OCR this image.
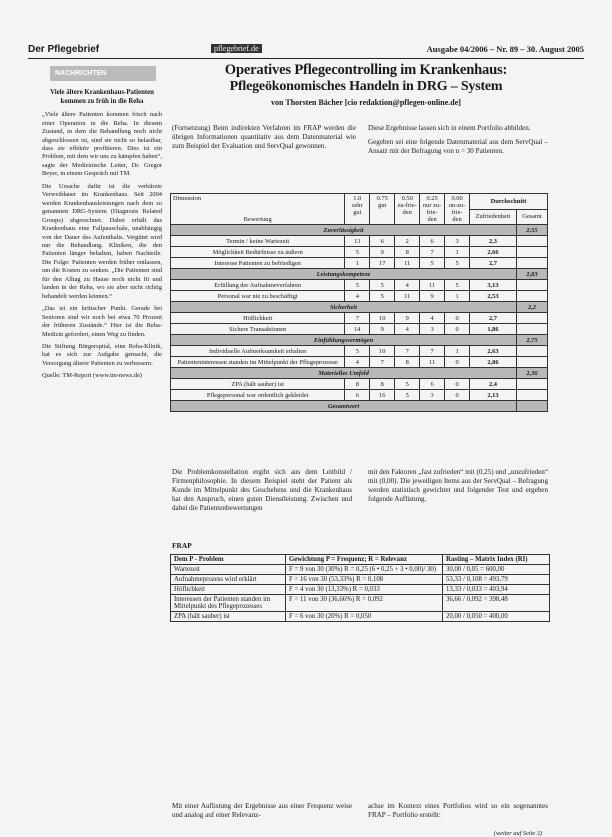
Der Pflegebrief	pflegebrief.de	Ausgabe 04/2006 – Nr. 89 – 30. August 2005
NACHRICHTEN
Viele ältere Krankenhaus-Patienten kommen zu früh in die Reha

„Viele ältere Patienten kommen frisch nach einer Operation in die Reha. In diesem Zustand, in dem die Behandlung noch nicht abgeschlossen ist, sind sie nicht so belastbar, dass sie effektiv profitieren. Dies ist ein Problem, mit dem wir uns zu kämpfen haben“, sagte der Medizinische Leiter, Dr. Gregor Beyer, in einem Gespräch mit TM.

Die Ursache dafür ist die verkürzte Verweildauer im Krankenhaus. Seit 2004 werden Krankenhausleistungen nach dem so genannten DRG-System (Diagnosis Related Groups) abgerechnet. Dabei erhält das Krankenhaus eine Fallpauschale, unabhängig von der Dauer des Aufenthalts. Vergütet wird nur die Behandlung. Kliniken, die den Patienten länger behalten, haben Nachteile. Die Folge: Patienten werden früher entlassen, um die Kosten zu senken. „Die Patienten sind für den Alltag zu Hause noch nicht fit und landen in der Reha, wo sie aber nicht richtig behandelt werden können.“

„Das ist ein kritischer Punkt. Gerade bei Senioren sind wir noch bei etwa 70 Prozent der früheren Zustände.“ Hier ist die Reha-Medizin gefordert, einen Weg zu finden.

Die Stiftung Bürgerspital, eine Reha-Klinik, hat es sich zur Aufgabe gemacht, die Versorgung älterer Patienten zu verbessern.

Quelle: TM-Report (www.tm-news.de)

Operatives Pflegecontrolling im Krankenhaus:
Pflegeökonomisches Handeln in DRG – System
von Thorsten Bächer [cio redaktion@pflegen-online.de]

(Fortsetzung) Beim indirekten Verfahren im FRAP werden die übrigen Informationen quantitativ aus dem Datenmaterial wie zum Beispiel der Evaluation und ServQual gewonnen.

Diese Ergebnisse lassen sich in einem Portfolio abbilden.

Gegeben sei eine folgende Datenmaterial aus dem ServQual – Ansatz mit der Befragung von n = 30 Patienten.

Dimension
Bewertung	1.0 sehr gut	0.75 gut	0.50 zu-frie-den	0.25 nur zu-frie-den	0.00 un-zu-frie-den	Durchschnitt	
						Zufriedenheit	Gesamt
Zuverlässigkeit							2,55
Termin / keine Wartezeit	13	6	2	6	3	2,3	
Möglichkeit Bedürfnisse zu äußern	5	9	8	7	1	2,66	
Interesse Patienten zu befriedigen	1	17	11	5	5	2,7	
Leistungskompetenz							2,83
Erfüllung der Aufnahmeverfahren	5	5	4	11	5	3,13	
Personal war nie zu beschäftigt	4	5	11	9	1	2,53	
Sicherheit							2,2
Höflichkeit	7	10	9	4	0	2,7	
Sichere Transaktionen	14	9	4	3	0	1,86	
Einfühlungsvermögen							2,75
Individuelle Aufmerksamkeit erhalten	5	10	7	7	1	2,63	
Patienteninteressen standen im Mittelpunkt der Pflegeprozesse	4	7	8	11	0	2,86	
Materielles Umfeld							2,36
ZPA (hält sauber) ist	8	8	5	6	0	2,4	
Pflegepersonal war ordentlich gekleidet	6	16	5	3	0	2,13	
Gesamtwert							

Die Problemkonstellation ergibt sich aus dem Leitbild / Firmenphilosophie. In diesem Beispiel steht der Patient als Kunde im Mittelpunkt des Geschehens und die Krankenhaus hat den Anspruch, einen guten Dienstleistung. Zwischen und dabei die Patientenbewertungen

mit den Faktoren „fast zufrieden“ mit (0,25) und „unzufrieden“ mit (0,00). Die jeweiligen Items aus der ServQual – Befragung werden statistisch gewichtet und folgender Test und ergeben folgende Auflistung.

FRAP
Dem P - Problem	Gewichtung P = Frequenz; R = Relevanz	Rasting – Matrix Index (RI)
Wartezeit	F = 9 von 30 (30%) R = 0,25 (6 • 0,25 + 3 • 0,00)/ 30)	30,00 / 0,05 = 600,00
Aufnahmeprozess wird erklärt	F = 16 von 30 (53,33%) R = 0,108	53,33 / 0,108 = 493,79
Höflichkeit	F = 4 von 30 (13,33%) R = 0,033	13,33 / 0,033 = 403,94
Interessen der Patienten standen im Mittelpunkt des Pflegeprozesses	F = 11 von 30 (36,66%) R = 0,092	36,66 / 0,092 = 398,48
ZPA (hält sauber) ist	F = 6 von 30 (20%) R = 0,050	20,00 / 0,050 = 400,00

Mit einer Auflistung der Ergebnisse aus einer Frequenz weise und analog auf einer Relevanz-

achse im Kontext eines Portfolios wird so ein sogenanntes FRAP – Portfolio erstellt:

(weiter auf Seite 3)
